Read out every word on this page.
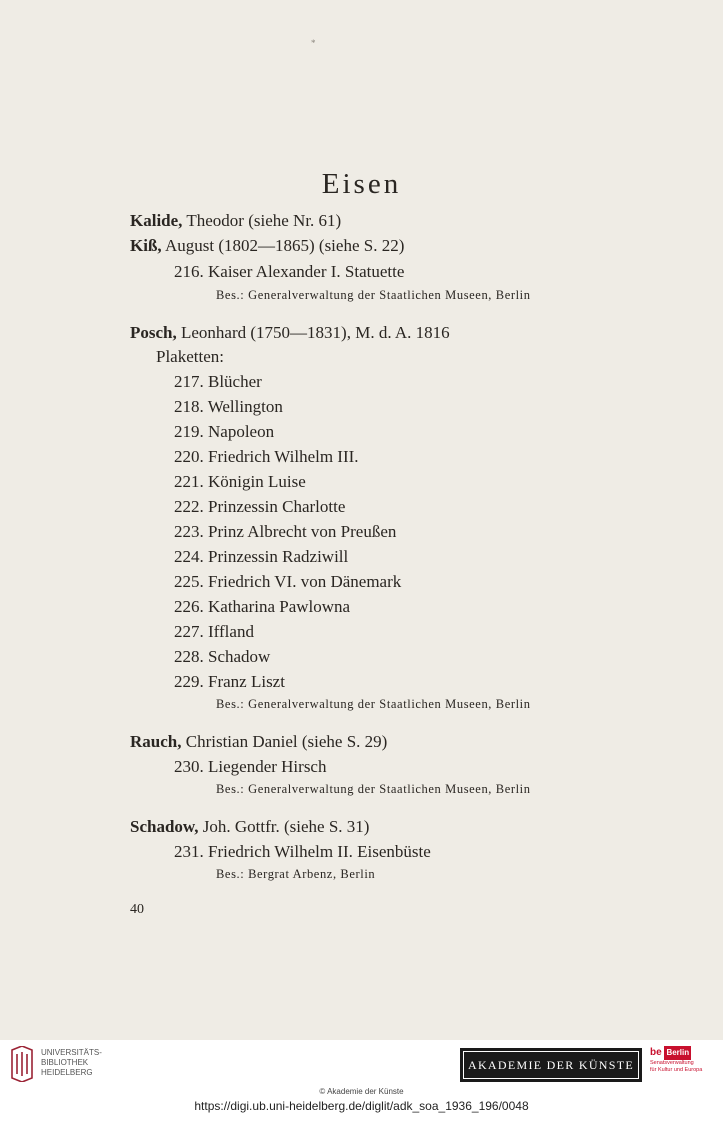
*
Eisen
Kalide, Theodor (siehe Nr. 61)
Kiß, August (1802—1865) (siehe S. 22)
216. Kaiser Alexander I. Statuette
Bes.: Generalverwaltung der Staatlichen Museen, Berlin
Posch, Leonhard (1750—1831), M. d. A. 1816
Plaketten:
217. Blücher
218. Wellington
219. Napoleon
220. Friedrich Wilhelm III.
221. Königin Luise
222. Prinzessin Charlotte
223. Prinz Albrecht von Preußen
224. Prinzessin Radziwill
225. Friedrich VI. von Dänemark
226. Katharina Pawlowna
227. Iffland
228. Schadow
229. Franz Liszt
Bes.: Generalverwaltung der Staatlichen Museen, Berlin
Rauch, Christian Daniel (siehe S. 29)
230. Liegender Hirsch
Bes.: Generalverwaltung der Staatlichen Museen, Berlin
Schadow, Joh. Gottfr. (siehe S. 31)
231. Friedrich Wilhelm II. Eisenbüste
Bes.: Bergrat Arbenz, Berlin
40
UNIVERSITÄTS-
BIBLIOTHEK
HEIDELBERG
AKADEMIE DER KÜNSTE
be Berlin
Senatsverwaltung
für Kultur und Europa
© Akademie der Künste
https://digi.ub.uni-heidelberg.de/diglit/adk_soa_1936_196/0048
